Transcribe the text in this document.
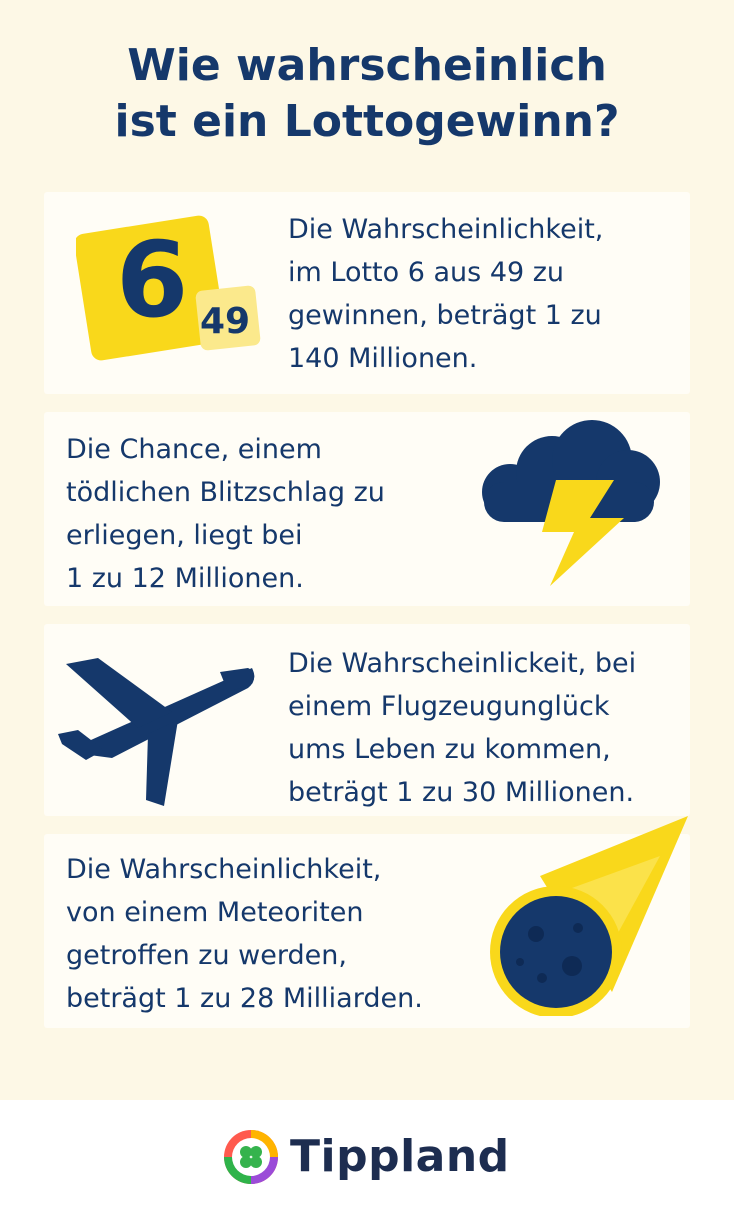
Wie wahrscheinlich
ist ein Lottogewinn?
6 49
Die Wahrscheinlichkeit,
im Lotto 6 aus 49 zu
gewinnen, beträgt 1 zu
140 Millionen.
Die Chance, einem
tödlichen Blitzschlag zu
erliegen, liegt bei
1 zu 12 Millionen.
Die Wahrscheinlickeit, bei
einem Flugzeugunglück
ums Leben zu kommen,
beträgt 1 zu 30 Millionen.
Die Wahrscheinlichkeit,
von einem Meteoriten
getroffen zu werden,
beträgt 1 zu 28 Milliarden.
Tippland
